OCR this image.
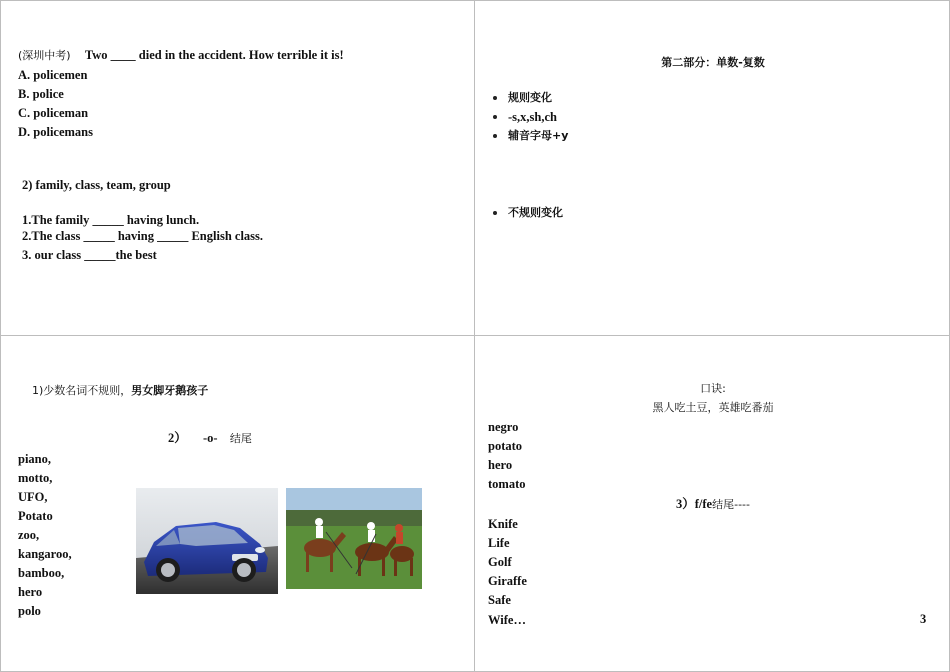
(深圳中考) Two ____ died in the accident. How terrible it is!
A. policemen
B. police
C. policeman
D. policemans
2) family, class, team, group
1.The family _____ having lunch.
2.The class _____ having _____ English class.
3. our class _____the best
第二部分：单数-复数
规则变化
-s,x,sh,ch
辅音字母+y
不规则变化
1)少数名词不规则，男女脚牙鹅孩子
2） -o- 结尾
piano,
motto,
UFO,
Potato
zoo,
kangaroo,
bamboo,
hero
polo
口诀:
黑人吃土豆，英雄吃番茄
negro
potato
hero
tomato
3）f/fe结尾----
Knife
Life
Golf
Giraffe
Safe
Wife…	3
